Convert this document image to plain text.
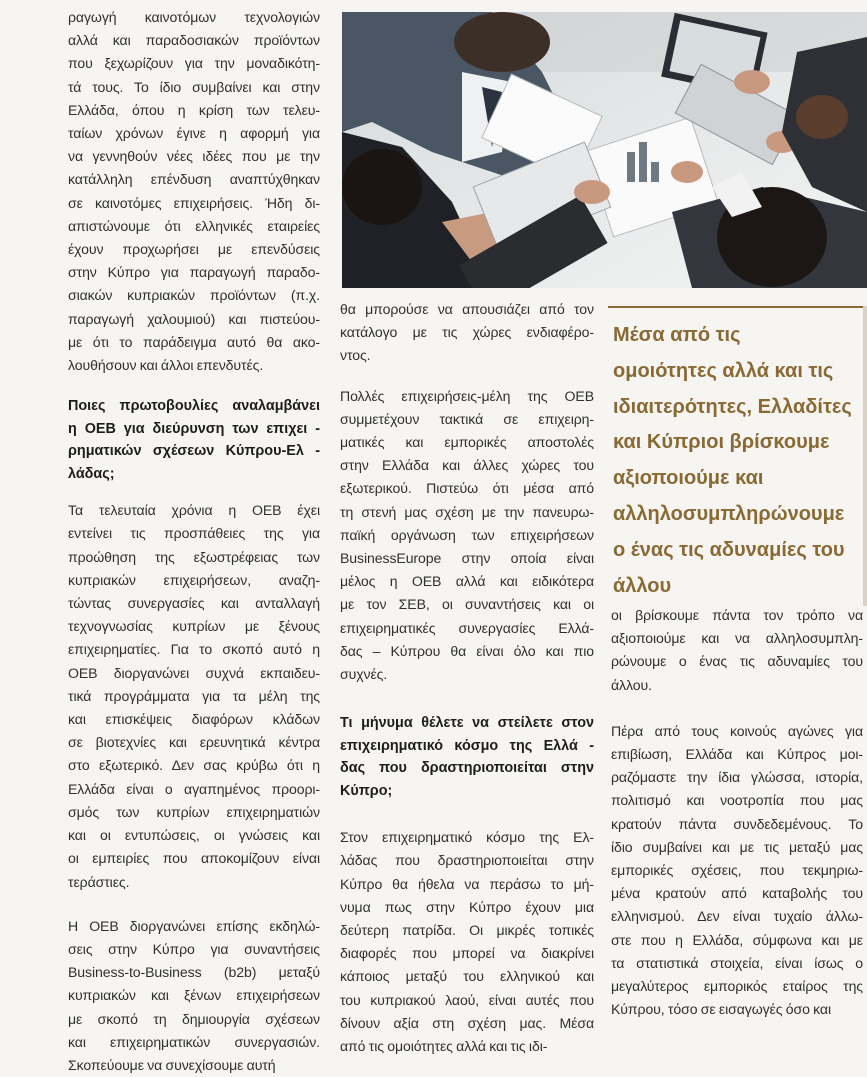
ραγωγή καινοτόμων τεχνολογιών
αλλά και παραδοσιακών προϊόντων
που ξεχωρίζουν για την μοναδικότη-
τά τους. Το ίδιο συμβαίνει και στην
Ελλάδα, όπου η κρίση των τελευ-
ταίων χρόνων έγινε η αφορμή για
να γεννηθούν νέες ιδέες που με την
κατάλληλη επένδυση αναπτύχθηκαν
σε καινοτόμες επιχειρήσεις. Ήδη δι-
απιστώνουμε ότι ελληνικές εταιρείες
έχουν προχωρήσει με επενδύσεις
στην Κύπρο για παραγωγή παραδο-
σιακών κυπριακών προϊόντων (π.χ.
παραγωγή χαλουμιού) και πιστεύου-
με ότι το παράδειγμα αυτό θα ακο-
λουθήσουν και άλλοι επενδυτές.

Ποιες πρωτοβουλίες αναλαμβάνει
η ΟΕΒ για διεύρυνση των επιχει -
ρηματικών σχέσεων Κύπρου-Ελ -
λάδας;

Τα τελευταία χρόνια η ΟΕΒ έχει
εντείνει τις προσπάθειες της για
προώθηση της εξωστρέφειας των
κυπριακών επιχειρήσεων, αναζη-
τώντας συνεργασίες και ανταλλαγή
τεχνογνωσίας κυπρίων με ξένους
επιχειρηματίες. Για το σκοπό αυτό η
ΟΕΒ διοργανώνει συχνά εκπαιδευ-
τικά προγράμματα για τα μέλη της
και επισκέψεις διαφόρων κλάδων
σε βιοτεχνίες και ερευνητικά κέντρα
στο εξωτερικό. Δεν σας κρύβω ότι η
Ελλάδα είναι ο αγαπημένος προορι-
σμός των κυπρίων επιχειρηματιών
και οι εντυπώσεις, οι γνώσεις και
οι εμπειρίες που αποκομίζουν είναι
τεράστιες.

Η ΟΕΒ διοργανώνει επίσης εκδηλώ-
σεις στην Κύπρο για συναντήσεις
Business-to-Business (b2b) μεταξύ
κυπριακών και ξένων επιχειρήσεων
με σκοπό τη δημιουργία σχέσεων
και επιχειρηματικών συνεργασιών.
Σκοπεύουμε να συνεχίσουμε αυτή

θα μπορούσε να απουσιάζει από τον
κατάλογο με τις χώρες ενδιαφέρο-
ντος.

Πολλές επιχειρήσεις-μέλη της ΟΕΒ
συμμετέχουν τακτικά σε επιχειρη-
ματικές και εμπορικές αποστολές
στην Ελλάδα και άλλες χώρες του
εξωτερικού. Πιστεύω ότι μέσα από
τη στενή μας σχέση με την πανευρω-
παϊκή οργάνωση των επιχειρήσεων
BusinessEurope στην οποία είναι
μέλος η ΟΕΒ αλλά και ειδικότερα
με τον ΣΕΒ, οι συναντήσεις και οι
επιχειρηματικές συνεργασίες Ελλά-
δας – Κύπρου θα είναι όλο και πιο
συχνές.

Τι μήνυμα θέλετε να στείλετε στον
επιχειρηματικό κόσμο της Ελλά -
δας που δραστηριοποιείται στην
Κύπρο;

Στον επιχειρηματικό κόσμο της Ελ-
λάδας που δραστηριοποιείται στην
Κύπρο θα ήθελα να περάσω το μή-
νυμα πως στην Κύπρο έχουν μια
δεύτερη πατρίδα. Οι μικρές τοπικές
διαφορές που μπορεί να διακρίνει
κάποιος μεταξύ του ελληνικού και
του κυπριακού λαού, είναι αυτές που
δίνουν αξία στη σχέση μας. Μέσα
από τις ομοιότητες αλλά και τις ιδι-

Μέσα από τις
ομοιότητες αλλά και τις
ιδιαιτερότητες, Ελλαδίτες
και Κύπριοι βρίσκουμε
αξιοποιούμε και
αλληλοσυμπληρώνουμε
ο ένας τις αδυναμίες του
άλλου

οι βρίσκουμε πάντα τον τρόπο να
αξιοποιούμε και να αλληλοσυμπλη-
ρώνουμε ο ένας τις αδυναμίες του
άλλου.

Πέρα από τους κοινούς αγώνες για
επιβίωση, Ελλάδα και Κύπρος μοι-
ραζόμαστε την ίδια γλώσσα, ιστορία,
πολιτισμό και νοοτροπία που μας
κρατούν πάντα συνδεδεμένους. Το
ίδιο συμβαίνει και με τις μεταξύ μας
εμπορικές σχέσεις, που τεκμηριω-
μένα κρατούν από καταβολής του
ελληνισμού. Δεν είναι τυχαίο άλλω-
στε που η Ελλάδα, σύμφωνα και με
τα στατιστικά στοιχεία, είναι ίσως ο
μεγαλύτερος εμπορικός εταίρος της
Κύπρου, τόσο σε εισαγωγές όσο και
